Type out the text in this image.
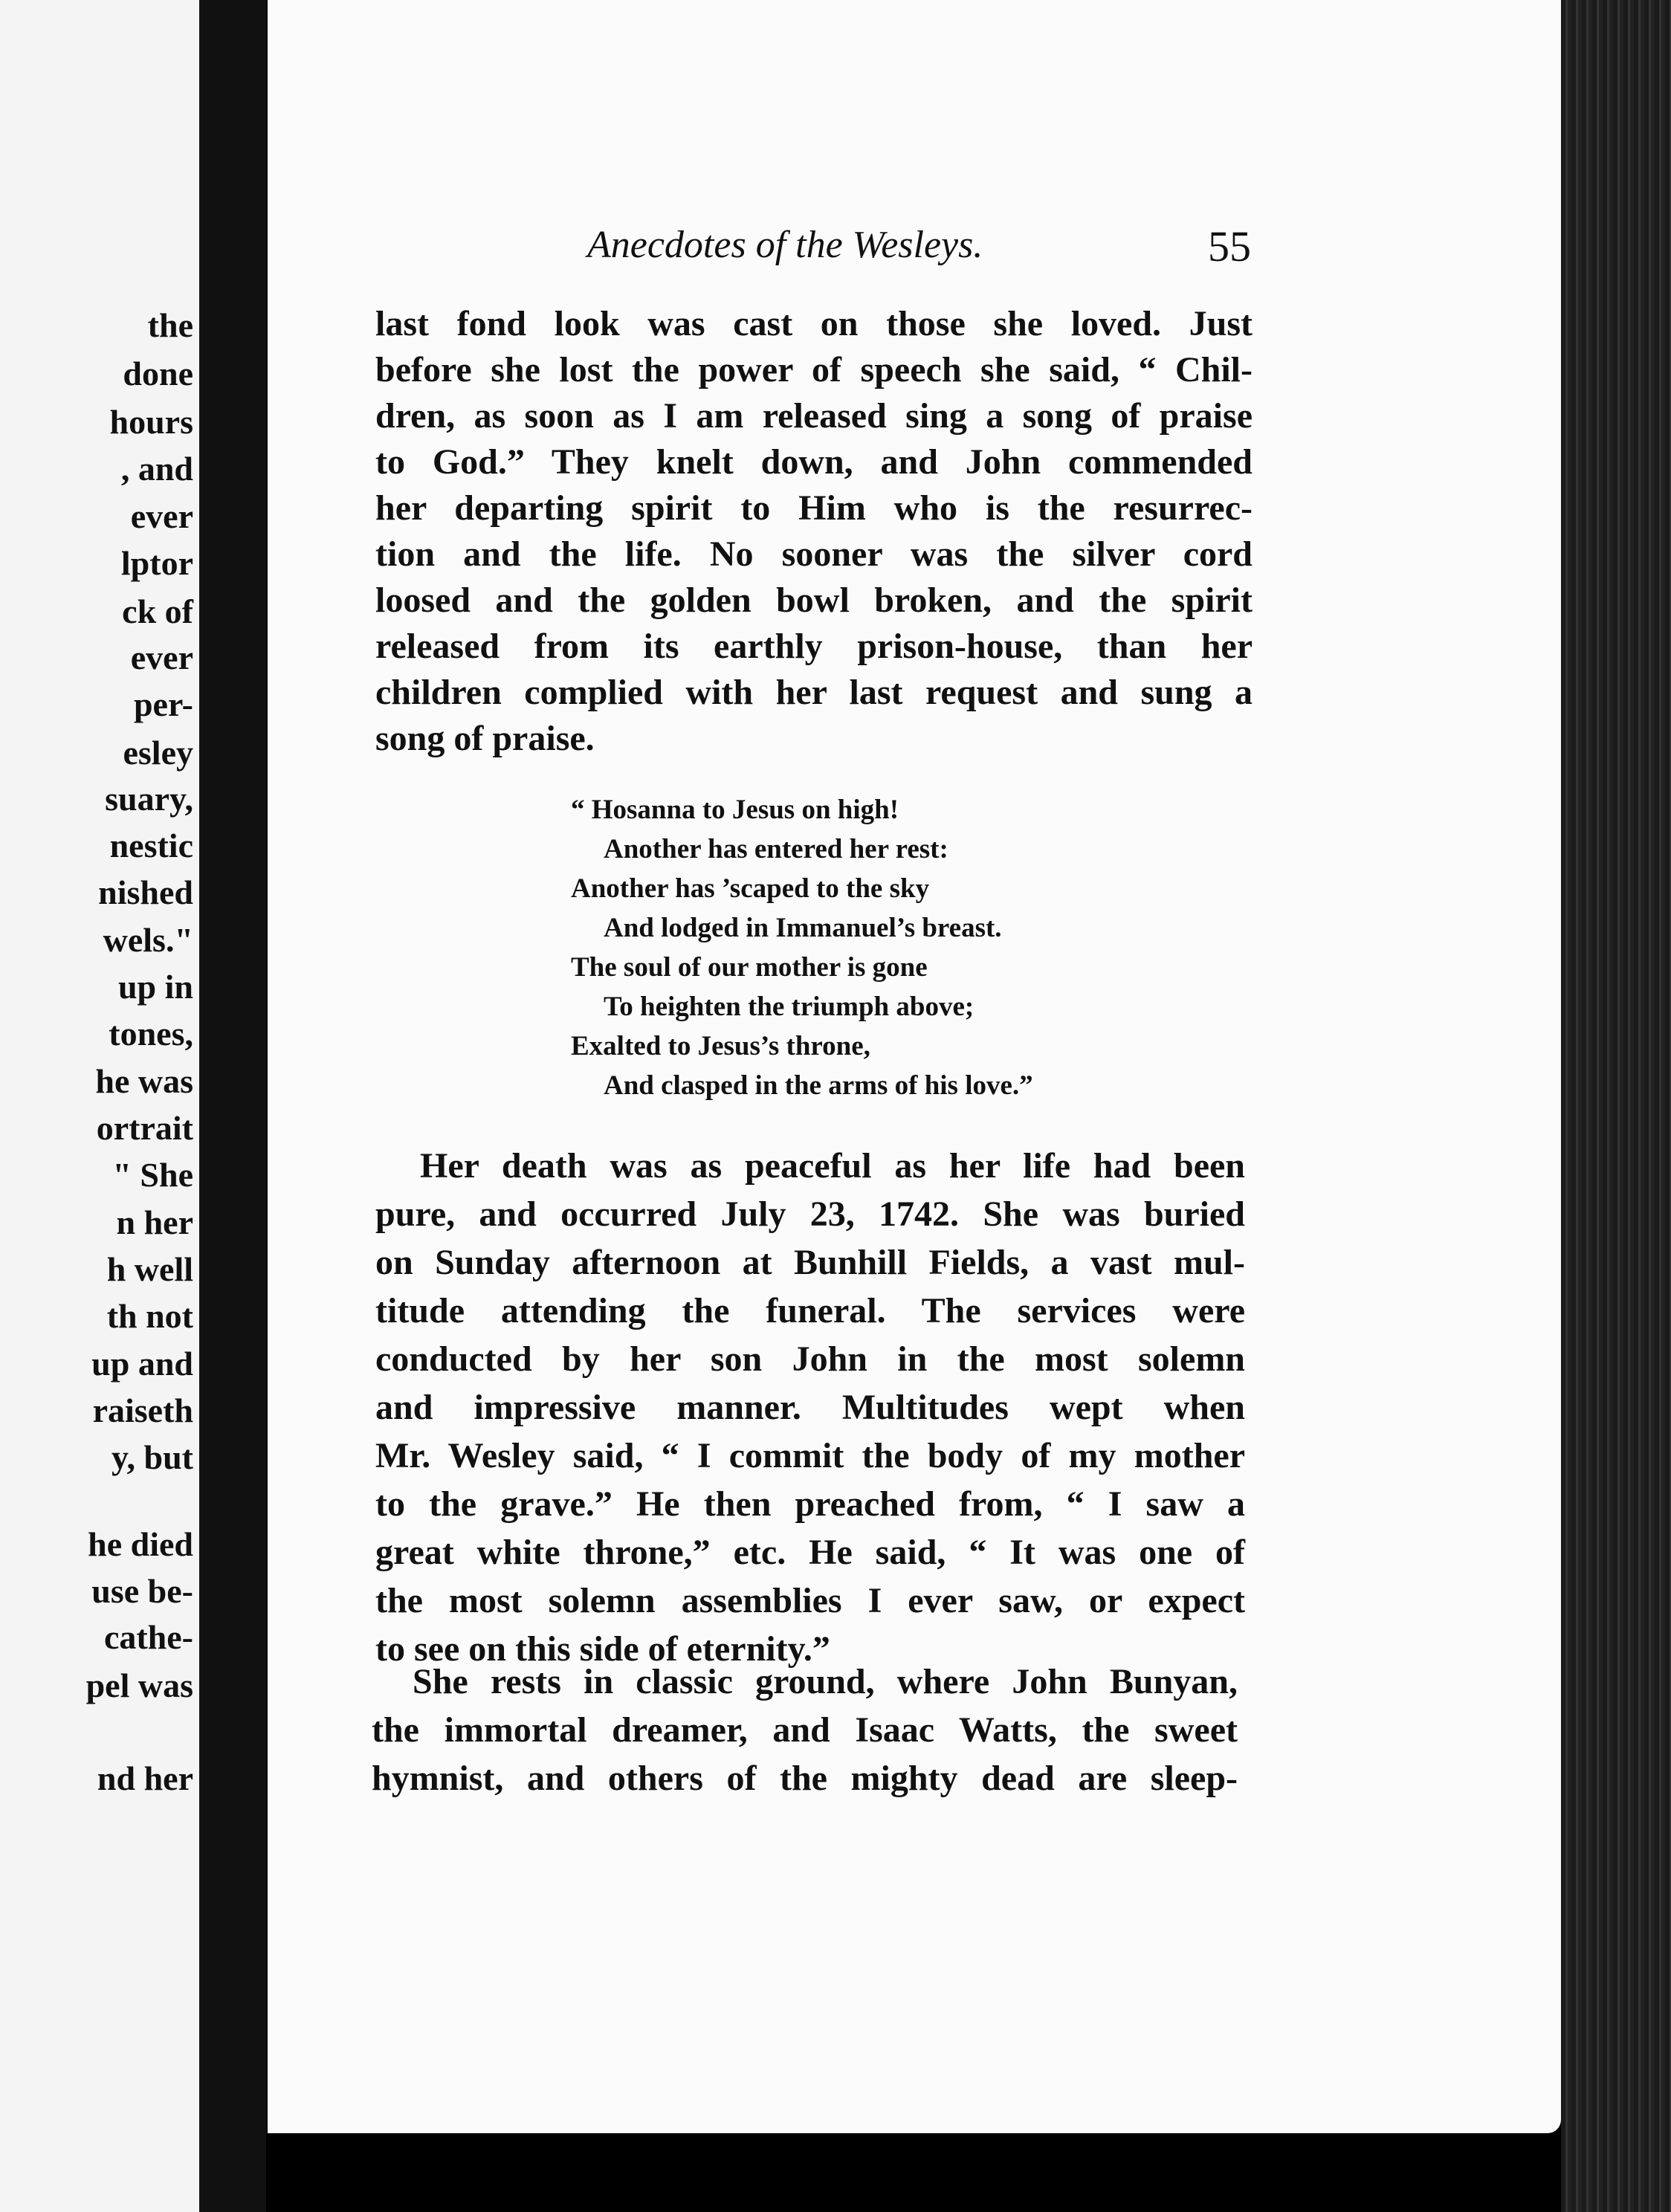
the
done
hours
, and
ever
lptor
ck of
ever
per-
esley
suary,
nestic
nished
wels."
up in
tones,
he was
ortrait
" She
n her
h well
th not
up and
raiseth
y, but
he died
use be-
cathe-
pel was
nd her
Anecdotes of the Wesleys.	55
last fond look was cast on those she loved. Just
before she lost the power of speech she said, “ Chil-
dren, as soon as I am released sing a song of praise
to God.” They knelt down, and John commended
her departing spirit to Him who is the resurrec-
tion and the life. No sooner was the silver cord
loosed and the golden bowl broken, and the spirit
released from its earthly prison-house, than her
children complied with her last request and sung a
song of praise.
“ Hosanna to Jesus on high!
Another has entered her rest:
Another has ’scaped to the sky
And lodged in Immanuel’s breast.
The soul of our mother is gone
To heighten the triumph above;
Exalted to Jesus’s throne,
And clasped in the arms of his love.”
Her death was as peaceful as her life had been
pure, and occurred July 23, 1742. She was buried
on Sunday afternoon at Bunhill Fields, a vast mul-
titude attending the funeral. The services were
conducted by her son John in the most solemn
and impressive manner. Multitudes wept when
Mr. Wesley said, “ I commit the body of my mother
to the grave.” He then preached from, “ I saw a
great white throne,” etc. He said, “ It was one of
the most solemn assemblies I ever saw, or expect
to see on this side of eternity.”
She rests in classic ground, where John Bunyan,
the immortal dreamer, and Isaac Watts, the sweet
hymnist, and others of the mighty dead are sleep-
